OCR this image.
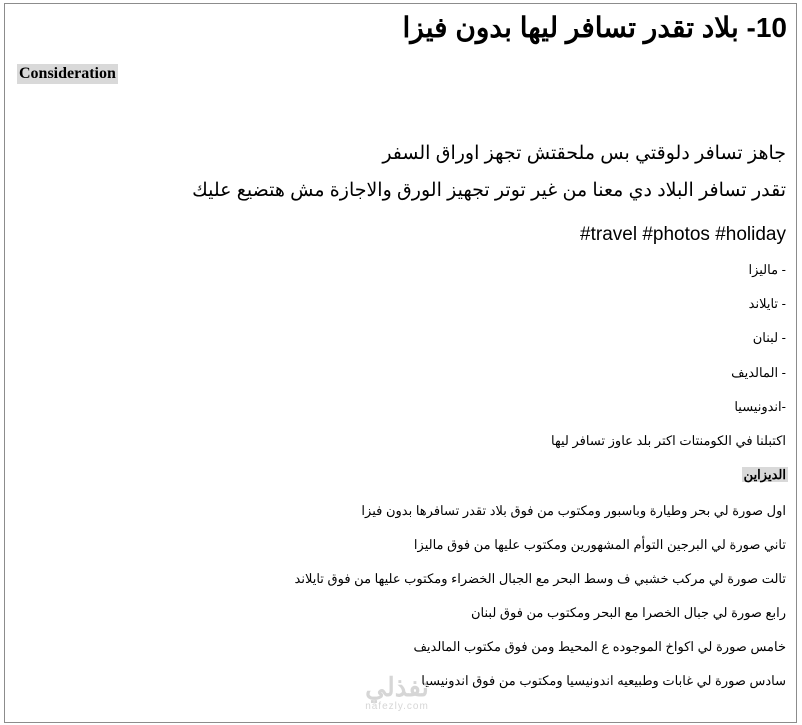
10- بلاد تقدر تسافر ليها بدون فيزا
Consideration
جاهز تسافر دلوقتي بس ملحقتش تجهز اوراق السفر
تقدر تسافر البلاد دي معنا من غير توتر تجهيز الورق والاجازة مش هتضيع عليك
#travel #photos #holiday
- ماليزا
- تايلاند
- لبنان
- المالديف
-اندونيسيا
اكتبلنا في الكومنتات اكتر بلد عاوز تسافر ليها
الديزاين
اول صورة لي بحر وطيارة وباسبور ومكتوب من فوق بلاد تقدر تسافرها بدون فيزا
تاني صورة لي البرجين التوأم المشهورين ومكتوب عليها من فوق ماليزا
تالت صورة لي مركب خشبي ف وسط البحر مع الجبال الخضراء ومكتوب عليها من فوق تايلاند
رابع صورة لي جبال الخصرا مع البحر ومكتوب من فوق لبنان
خامس صورة لي اكواخ الموجوده ع المحيط ومن فوق مكتوب المالديف
سادس صورة لي غابات وطبيعيه اندونيسيا ومكتوب من فوق اندونيسيا
نفذلي
nafezly.com
